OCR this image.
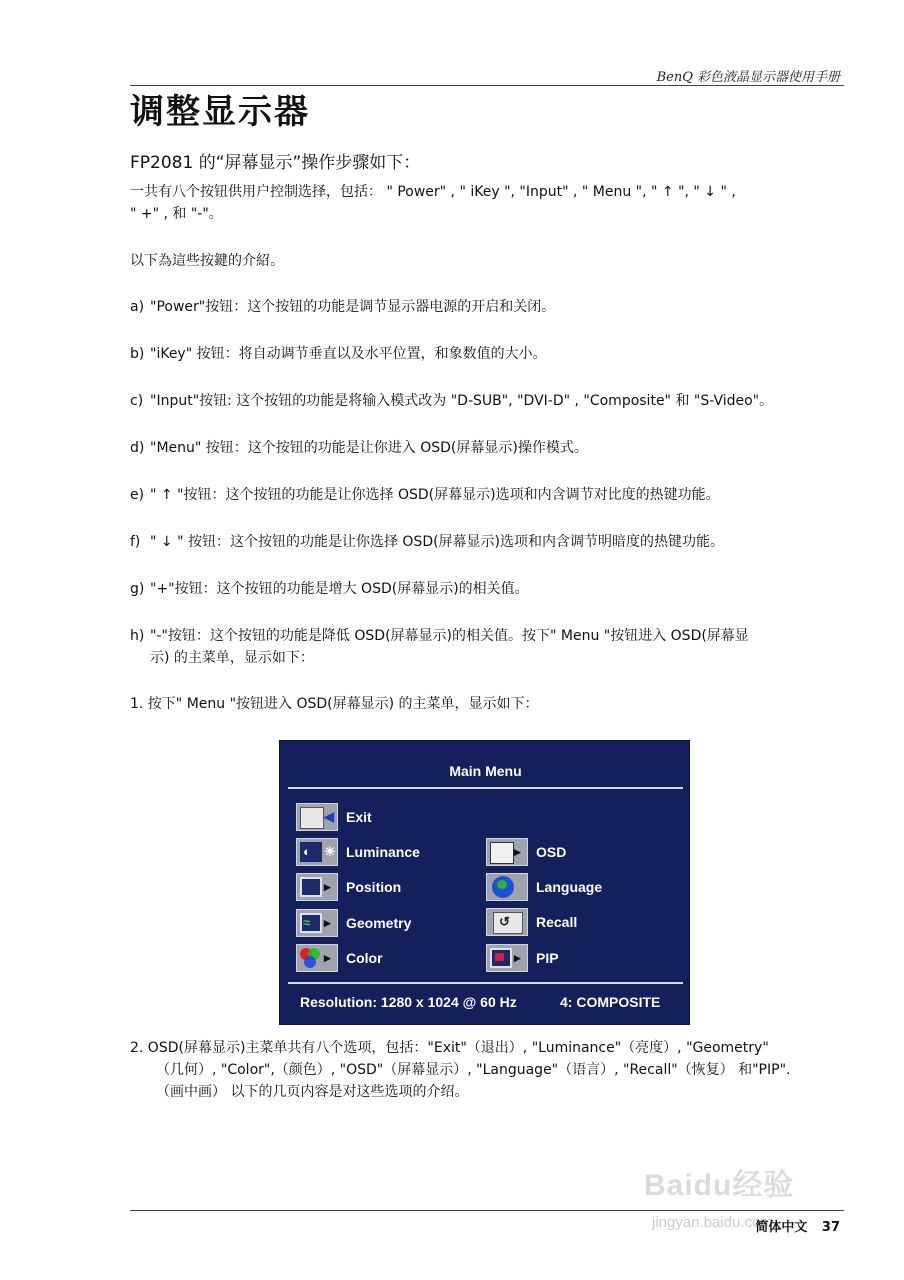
BenQ 彩色液晶显示器使用手册
调整显示器
FP2081 的“屏幕显示”操作步骤如下：
一共有八个按钮供用户控制选择，包括： " Power" , " iKey ", "Input" , " Menu ", " ↑ ", " ↓ " ,
" +" , 和 "-"。
以下為這些按鍵的介紹。
a) "Power"按钮：这个按钮的功能是调节显示器电源的开启和关闭。
b) "iKey" 按钮：将自动调节垂直以及水平位置，和象数值的大小。
c) "Input"按钮: 这个按钮的功能是将输入模式改为 "D-SUB", "DVI-D" , "Composite" 和 "S-Video"。
d) "Menu" 按钮：这个按钮的功能是让你进入 OSD(屏幕显示)操作模式。
e) " ↑ "按钮：这个按钮的功能是让你选择 OSD(屏幕显示)选项和内含调节对比度的热键功能。
f) " ↓ " 按钮：这个按钮的功能是让你选择 OSD(屏幕显示)选项和内含调节明暗度的热键功能。
g) "+"按钮：这个按钮的功能是增大 OSD(屏幕显示)的相关值。
h) "-"按钮：这个按钮的功能是降低 OSD(屏幕显示)的相关值。按下" Menu "按钮进入 OSD(屏幕显
示) 的主菜单，显示如下：
1. 按下" Menu "按钮进入 OSD(屏幕显示) 的主菜单，显示如下：
Main Menu
◀ Exit
◐ ☀ Luminance
▸ Position
≈ ▸ Geometry
▸ Color
▸ OSD
Language
↺ Recall
▸ PIP
Resolution: 1280 x 1024 @ 60 Hz	4: COMPOSITE
2. OSD(屏幕显示)主菜单共有八个选项，包括："Exit"（退出）, "Luminance"（亮度）, "Geometry"
（几何）, "Color",（颜色）, "OSD"（屏幕显示）, "Language"（语言）, "Recall"（恢复） 和"PIP".
（画中画） 以下的几页内容是对这些选项的介绍。
Baidu经验
jingyan.baidu.com
简体中文 37
